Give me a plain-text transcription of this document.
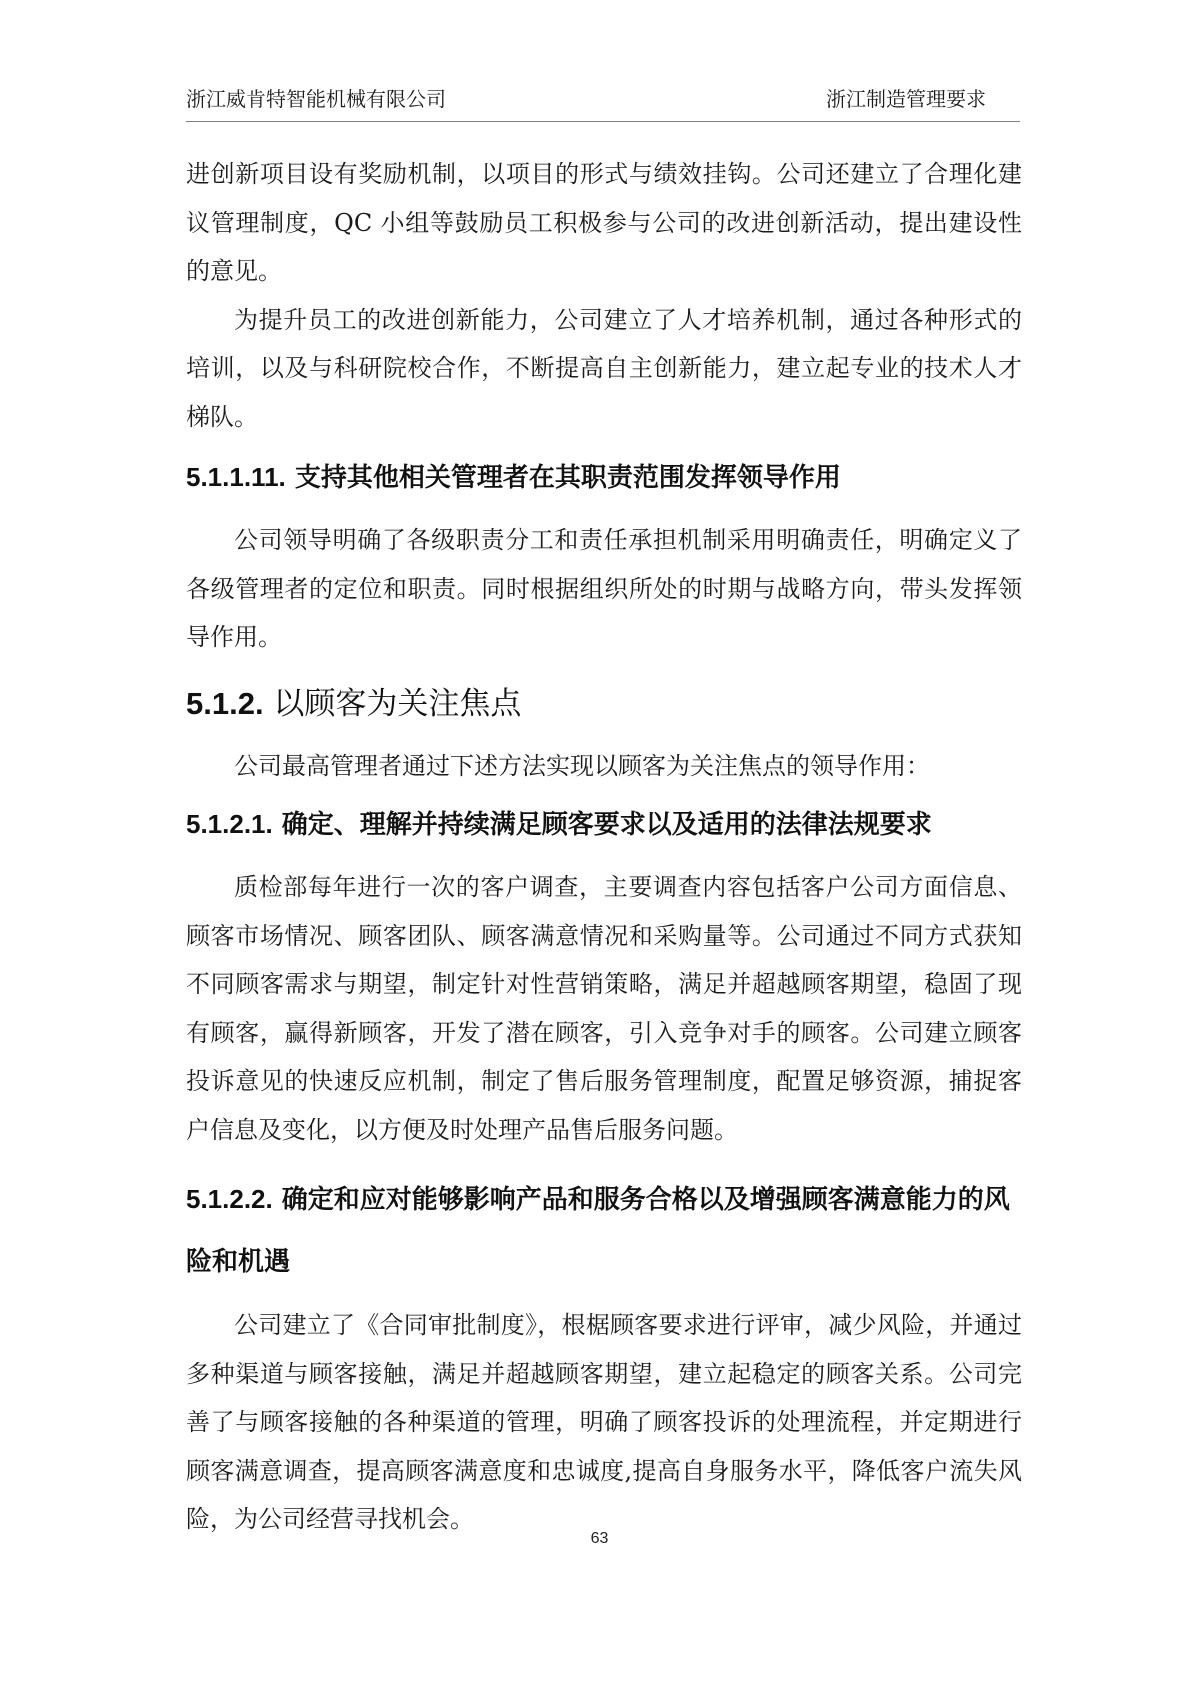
浙江威肯特智能机械有限公司	浙江制造管理要求

进创新项目设有奖励机制，以项目的形式与绩效挂钩。公司还建立了合理化建议管理制度，QC 小组等鼓励员工积极参与公司的改进创新活动，提出建设性的意见。

为提升员工的改进创新能力，公司建立了人才培养机制，通过各种形式的培训，以及与科研院校合作，不断提高自主创新能力，建立起专业的技术人才梯队。

5.1.1.11. 支持其他相关管理者在其职责范围发挥领导作用

公司领导明确了各级职责分工和责任承担机制采用明确责任，明确定义了各级管理者的定位和职责。同时根据组织所处的时期与战略方向，带头发挥领导作用。

5.1.2. 以顾客为关注焦点

公司最高管理者通过下述方法实现以顾客为关注焦点的领导作用：

5.1.2.1. 确定、理解并持续满足顾客要求以及适用的法律法规要求

质检部每年进行一次的客户调查，主要调查内容包括客户公司方面信息、顾客市场情况、顾客团队、顾客满意情况和采购量等。公司通过不同方式获知不同顾客需求与期望，制定针对性营销策略，满足并超越顾客期望，稳固了现有顾客，赢得新顾客，开发了潜在顾客，引入竞争对手的顾客。公司建立顾客投诉意见的快速反应机制，制定了售后服务管理制度，配置足够资源，捕捉客户信息及变化，以方便及时处理产品售后服务问题。

5.1.2.2. 确定和应对能够影响产品和服务合格以及增强顾客满意能力的风险和机遇

公司建立了《合同审批制度》，根椐顾客要求进行评审，减少风险，并通过多种渠道与顾客接触，满足并超越顾客期望，建立起稳定的顾客关系。公司完善了与顾客接触的各种渠道的管理，明确了顾客投诉的处理流程，并定期进行顾客满意调查，提高顾客满意度和忠诚度,提高自身服务水平，降低客户流失风险，为公司经营寻找机会。

63
